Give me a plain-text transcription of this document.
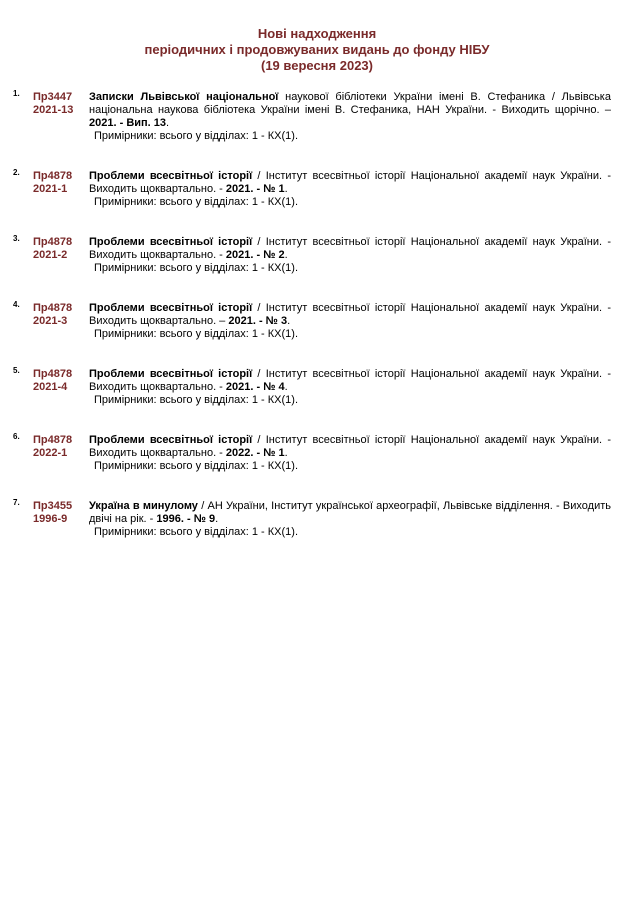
Нові надходження
періодичних і продовжуваних видань до фонду НІБУ
(19 вересня 2023)
1. Пр3447
2021-13
Записки Львівської національної наукової бібліотеки України імені В. Стефаника / Львівська національна наукова бібліотека України імені В. Стефаника, НАН України. - Виходить щорічно. – 2021. - Вип. 13.
Примірники: всього у відділах: 1 - КХ(1).
2. Пр4878
2021-1
Проблеми всесвітньої історії / Інститут всесвітньої історії Національної академії наук України. - Виходить щоквартально. - 2021. - № 1.
Примірники: всього у відділах: 1 - КХ(1).
3. Пр4878
2021-2
Проблеми всесвітньої історії / Інститут всесвітньої історії Національної академії наук України. - Виходить щоквартально. - 2021. - № 2.
Примірники: всього у відділах: 1 - КХ(1).
4. Пр4878
2021-3
Проблеми всесвітньої історії / Інститут всесвітньої історії Національної академії наук України. - Виходить щоквартально. – 2021. - № 3.
Примірники: всього у відділах: 1 - КХ(1).
5. Пр4878
2021-4
Проблеми всесвітньої історії / Інститут всесвітньої історії Національної академії наук України. - Виходить щоквартально. - 2021. - № 4.
Примірники: всього у відділах: 1 - КХ(1).
6. Пр4878
2022-1
Проблеми всесвітньої історії / Інститут всесвітньої історії Національної академії наук України. - Виходить щоквартально. - 2022. - № 1.
Примірники: всього у відділах: 1 - КХ(1).
7. Пр3455
1996-9
Україна в минулому / АН України, Інститут української археографії, Львівське відділення. - Виходить двічі на рік. - 1996. - № 9.
Примірники: всього у відділах: 1 - КХ(1).
